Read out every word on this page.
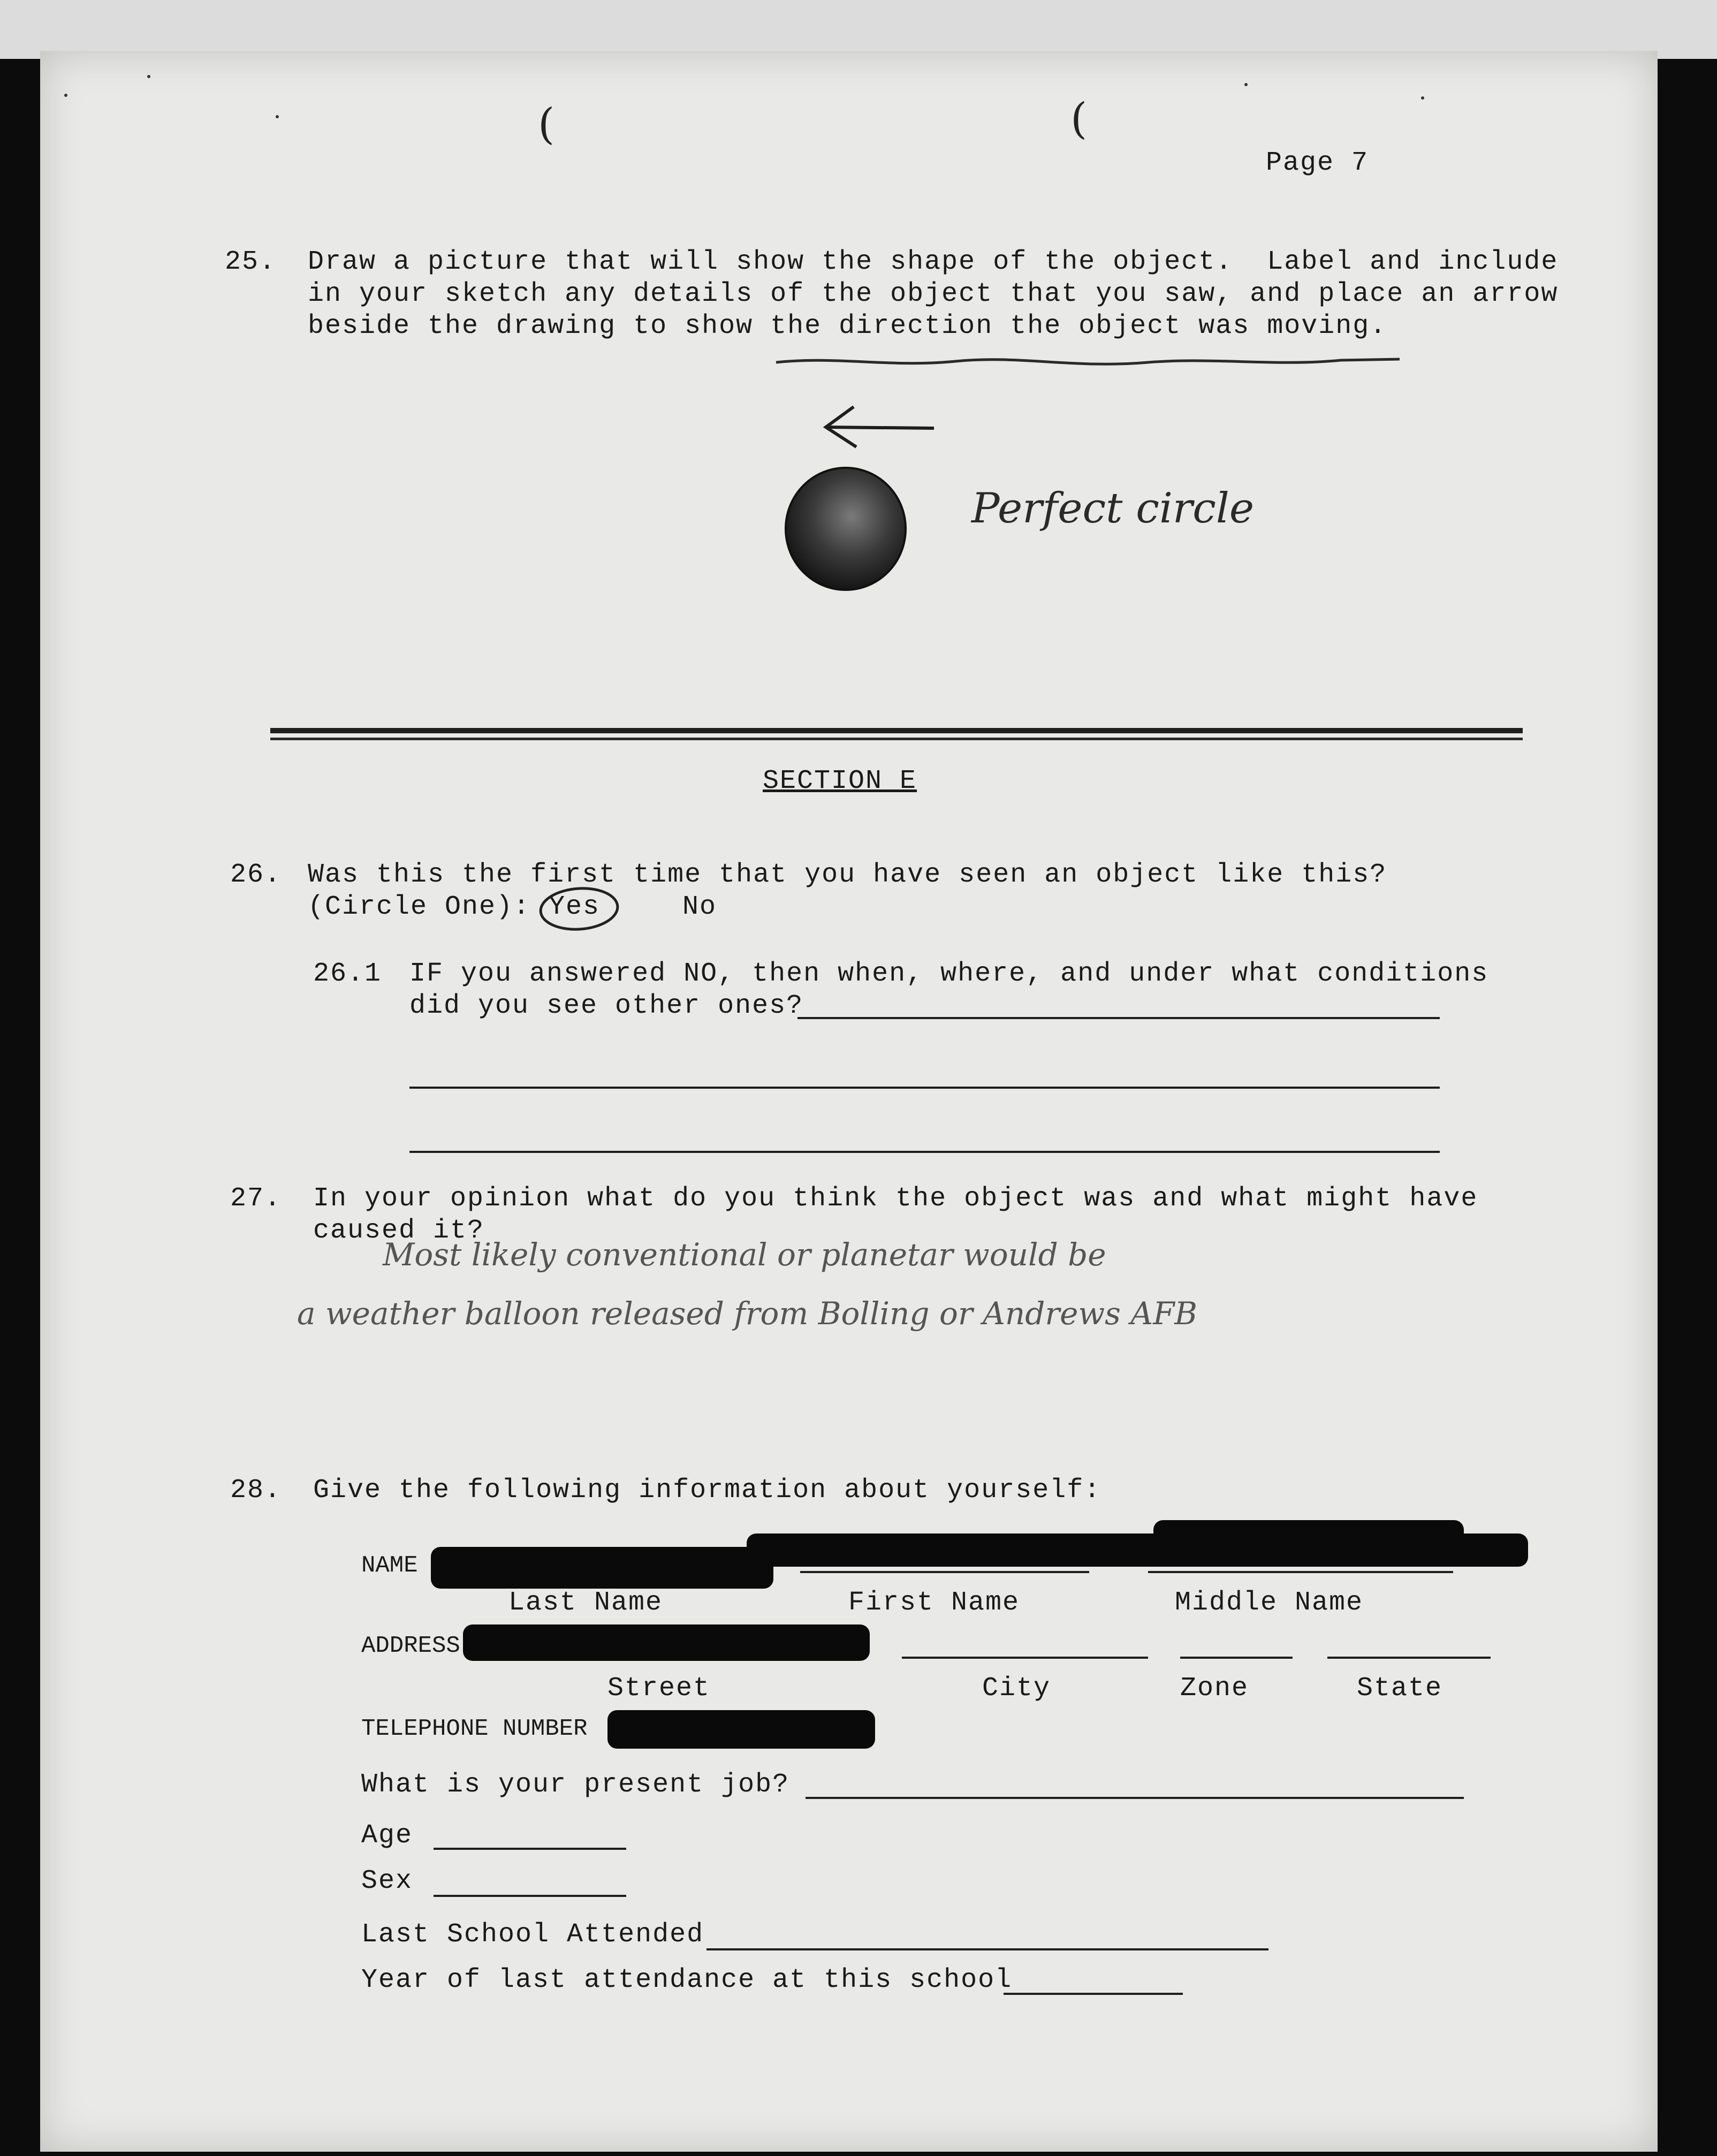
(	(
Page 7
25. Draw a picture that will show the shape of the object.  Label and include
in your sketch any details of the object that you saw, and place an arrow
beside the drawing to show the direction the object was moving.
Perfect circle
SECTION E
26. Was this the first time that you have seen an object like this?
(Circle One): Yes	No
26.1 IF you answered NO, then when, where, and under what conditions
did you see other ones?
27. In your opinion what do you think the object was and what might have
caused it?
Most likely conventional or planetar would be
a weather balloon released from Bolling or Andrews AFB
28. Give the following information about yourself:
NAME
Last Name	First Name	Middle Name
ADDRESS
Street	City	Zone	State
TELEPHONE NUMBER
What is your present job?
Age
Sex
Last School Attended
Year of last attendance at this school
